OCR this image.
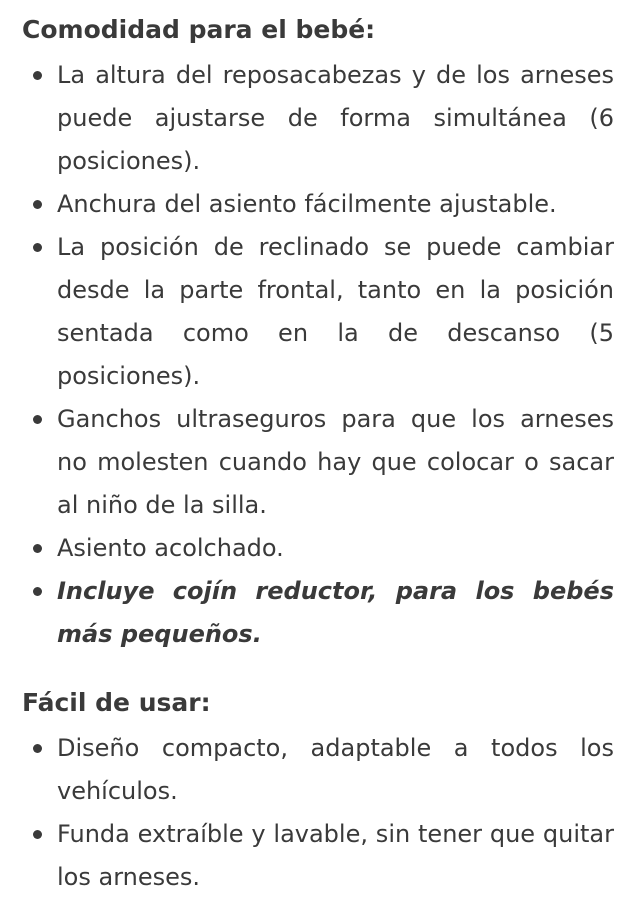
Comodidad para el bebé:
La altura del reposacabezas y de los arneses puede ajustarse de forma simultánea (6 posiciones).
Anchura del asiento fácilmente ajustable.
La posición de reclinado se puede cambiar desde la parte frontal, tanto en la posición sentada como en la de descanso (5 posiciones).
Ganchos ultraseguros para que los arneses no molesten cuando hay que colocar o sacar al niño de la silla.
Asiento acolchado.
Incluye cojín reductor, para los bebés más pequeños.
Fácil de usar:
Diseño compacto, adaptable a todos los vehículos.
Funda extraíble y lavable, sin tener que quitar los arneses.
